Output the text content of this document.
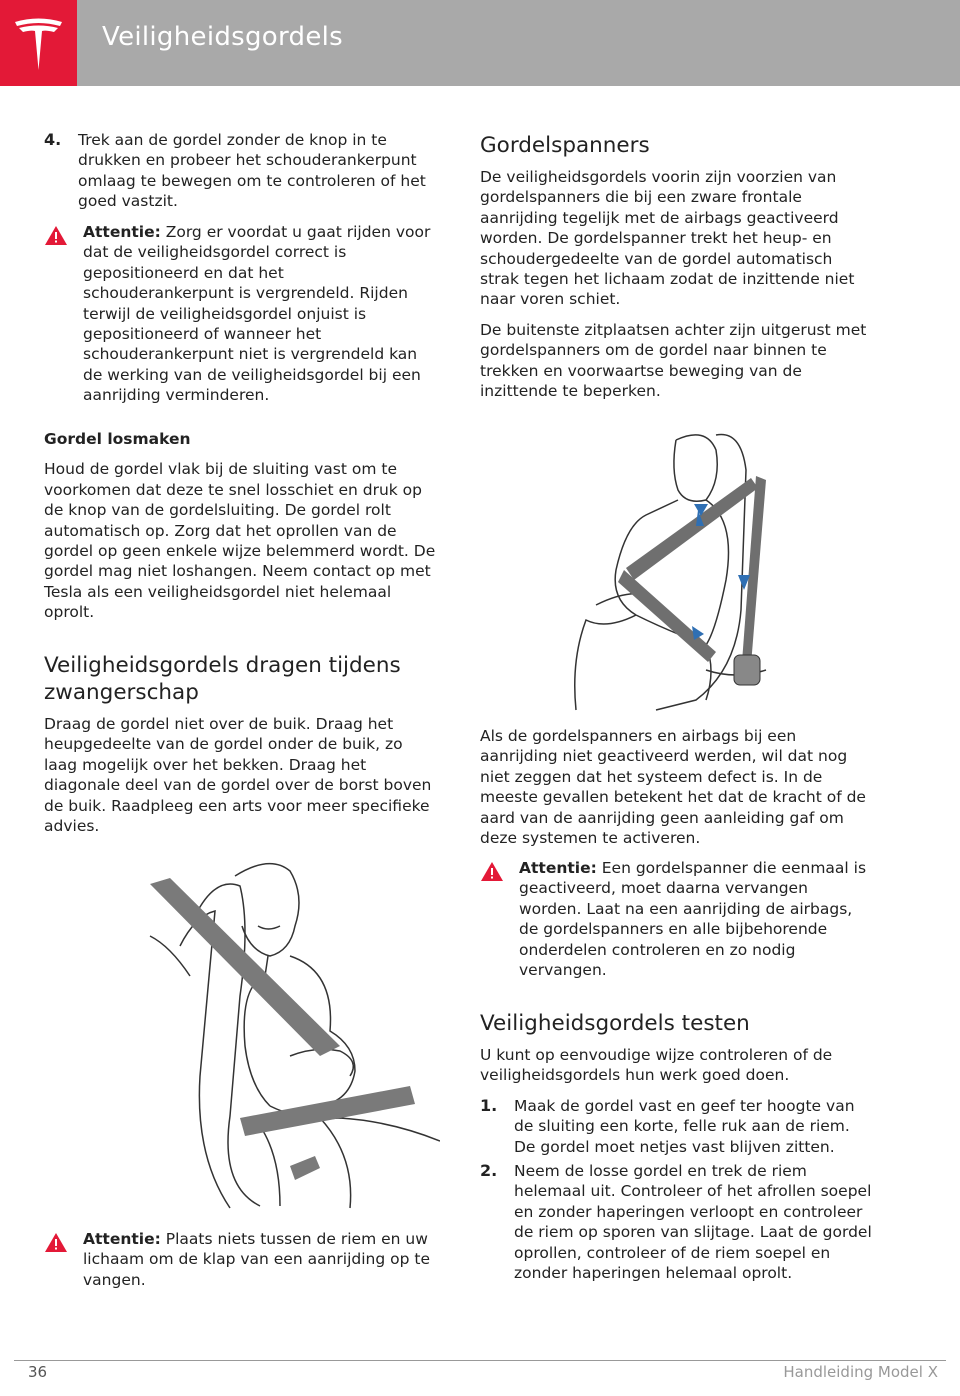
Veiligheidsgordels
4. Trek aan de gordel zonder de knop in te drukken en probeer het schouderankerpunt omlaag te bewegen om te controleren of het goed vastzit.

Attentie: Zorg er voordat u gaat rijden voor dat de veiligheidsgordel correct is gepositioneerd en dat het schouderankerpunt is vergrendeld. Rijden terwijl de veiligheidsgordel onjuist is gepositioneerd of wanneer het schouderankerpunt niet is vergrendeld kan de werking van de veiligheidsgordel bij een aanrijding verminderen.

Gordel losmaken

Houd de gordel vlak bij de sluiting vast om te voorkomen dat deze te snel losschiet en druk op de knop van de gordelsluiting. De gordel rolt automatisch op. Zorg dat het oprollen van de gordel op geen enkele wijze belemmerd wordt. De gordel mag niet loshangen. Neem contact op met Tesla als een veiligheidsgordel niet helemaal oprolt.

Veiligheidsgordels dragen tijdens zwangerschap

Draag de gordel niet over de buik. Draag het heupgedeelte van de gordel onder de buik, zo laag mogelijk over het bekken. Draag het diagonale deel van de gordel over de borst boven de buik. Raadpleeg een arts voor meer specifieke advies.

Attentie: Plaats niets tussen de riem en uw lichaam om de klap van een aanrijding op te vangen.

Gordelspanners

De veiligheidsgordels voorin zijn voorzien van gordelspanners die bij een zware frontale aanrijding tegelijk met de airbags geactiveerd worden. De gordelspanner trekt het heup- en schoudergedeelte van de gordel automatisch strak tegen het lichaam zodat de inzittende niet naar voren schiet.

De buitenste zitplaatsen achter zijn uitgerust met gordelspanners om de gordel naar binnen te trekken en voorwaartse beweging van de inzittende te beperken.

Als de gordelspanners en airbags bij een aanrijding niet geactiveerd werden, wil dat nog niet zeggen dat het systeem defect is. In de meeste gevallen betekent het dat de kracht of de aard van de aanrijding geen aanleiding gaf om deze systemen te activeren.

Attentie: Een gordelspanner die eenmaal is geactiveerd, moet daarna vervangen worden. Laat na een aanrijding de airbags, de gordelspanners en alle bijbehorende onderdelen controleren en zo nodig vervangen.

Veiligheidsgordels testen

U kunt op eenvoudige wijze controleren of de veiligheidsgordels hun werk goed doen.

1. Maak de gordel vast en geef ter hoogte van de sluiting een korte, felle ruk aan de riem. De gordel moet netjes vast blijven zitten.

2. Neem de losse gordel en trek de riem helemaal uit. Controleer of het afrollen soepel en zonder haperingen verloopt en controleer de riem op sporen van slijtage. Laat de gordel oprollen, controleer of de riem soepel en zonder haperingen helemaal oprolt.

36	Handleiding Model X
